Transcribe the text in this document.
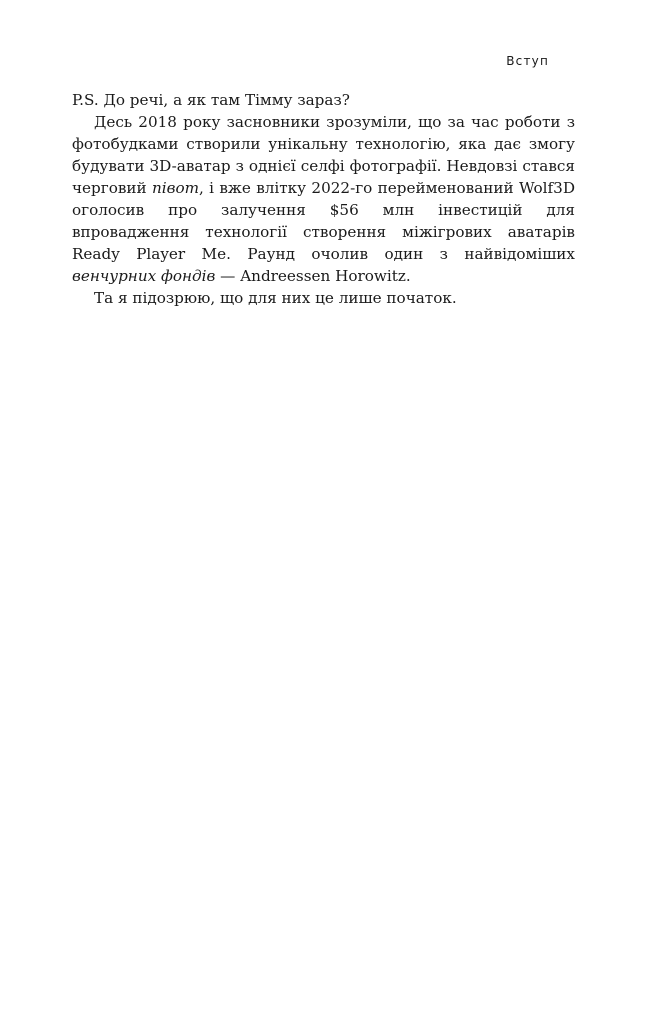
Вступ

P.S. До речі, а як там Тімму зараз?

Десь 2018 року засновники зрозуміли, що за час роботи з фотобудками створили унікальну технологію, яка дає змогу будувати 3D-аватар з однієї селфі фотографії. Невдовзі стався черговий півот, і вже влітку 2022-го перейменований Wolf3D оголосив про залучення $56 млн інвестицій для впровадження технології створення міжігрових аватарів Ready Player Me. Раунд очолив один з найвідоміших венчурних фондів — Andreessen Horowitz.

Та я підозрюю, що для них це лише початок.
